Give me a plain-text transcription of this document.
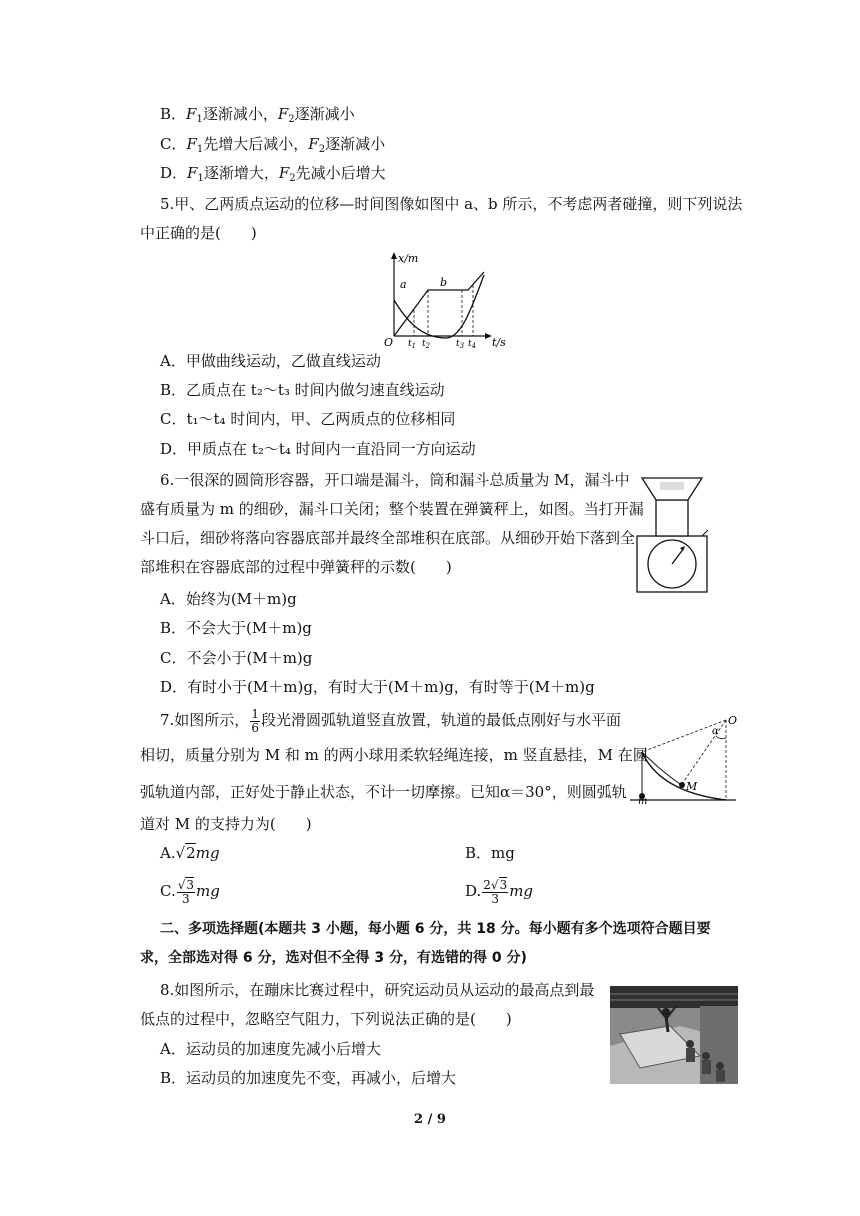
B．$F_1$逐渐减小，$F_2$逐渐减小
C．$F_1$先增大后减小，$F_2$逐渐减小
D．$F_1$逐渐增大，$F_2$先减小后增大
5.甲、乙两质点运动的位移—时间图像如图中 a、b 所示，不考虑两者碰撞，则下列说法
中正确的是(　　)
x/m
t/s
O
a	b
$t_1$ $t_2$	$t_3$ $t_4$
A．甲做曲线运动，乙做直线运动
B．乙质点在 t₂～t₃ 时间内做匀速直线运动
C．t₁～t₄ 时间内，甲、乙两质点的位移相同
D．甲质点在 t₂～t₄ 时间内一直沿同一方向运动
6.一很深的圆筒形容器，开口端是漏斗，筒和漏斗总质量为 M，漏斗中
盛有质量为 m 的细砂，漏斗口关闭；整个装置在弹簧秤上，如图。当打开漏
斗口后，细砂将落向容器底部并最终全部堆积在底部。从细砂开始下落到全
部堆积在容器底部的过程中弹簧秤的示数(　　)
A．始终为(M＋m)g
B．不会大于(M＋m)g
C．不会小于(M＋m)g
D．有时小于(M＋m)g，有时大于(M＋m)g，有时等于(M＋m)g
7.如图所示， $\frac{1}{6}$ 段光滑圆弧轨道竖直放置，轨道的最低点刚好与水平面
相切，质量分别为 M 和 m 的两小球用柔软轻绳连接，m 竖直悬挂，M 在圆
弧轨道内部，正好处于静止状态，不计一切摩擦。已知α＝30°，则圆弧轨
道对 M 的支持力为(　　)
O
α
M
m
A.√2mg	B．mg
C. $\frac{√3}{3}$ mg	D. $\frac{2√3}{3}$ mg
二、多项选择题(本题共 3 小题，每小题 6 分，共 18 分。每小题有多个选项符合题目要
求，全部选对得 6 分，选对但不全得 3 分，有选错的得 0 分)
8.如图所示，在蹦床比赛过程中，研究运动员从运动的最高点到最
低点的过程中，忽略空气阻力，下列说法正确的是(　　)
A．运动员的加速度先减小后增大
B．运动员的加速度先不变，再减小，后增大
2 / 9
